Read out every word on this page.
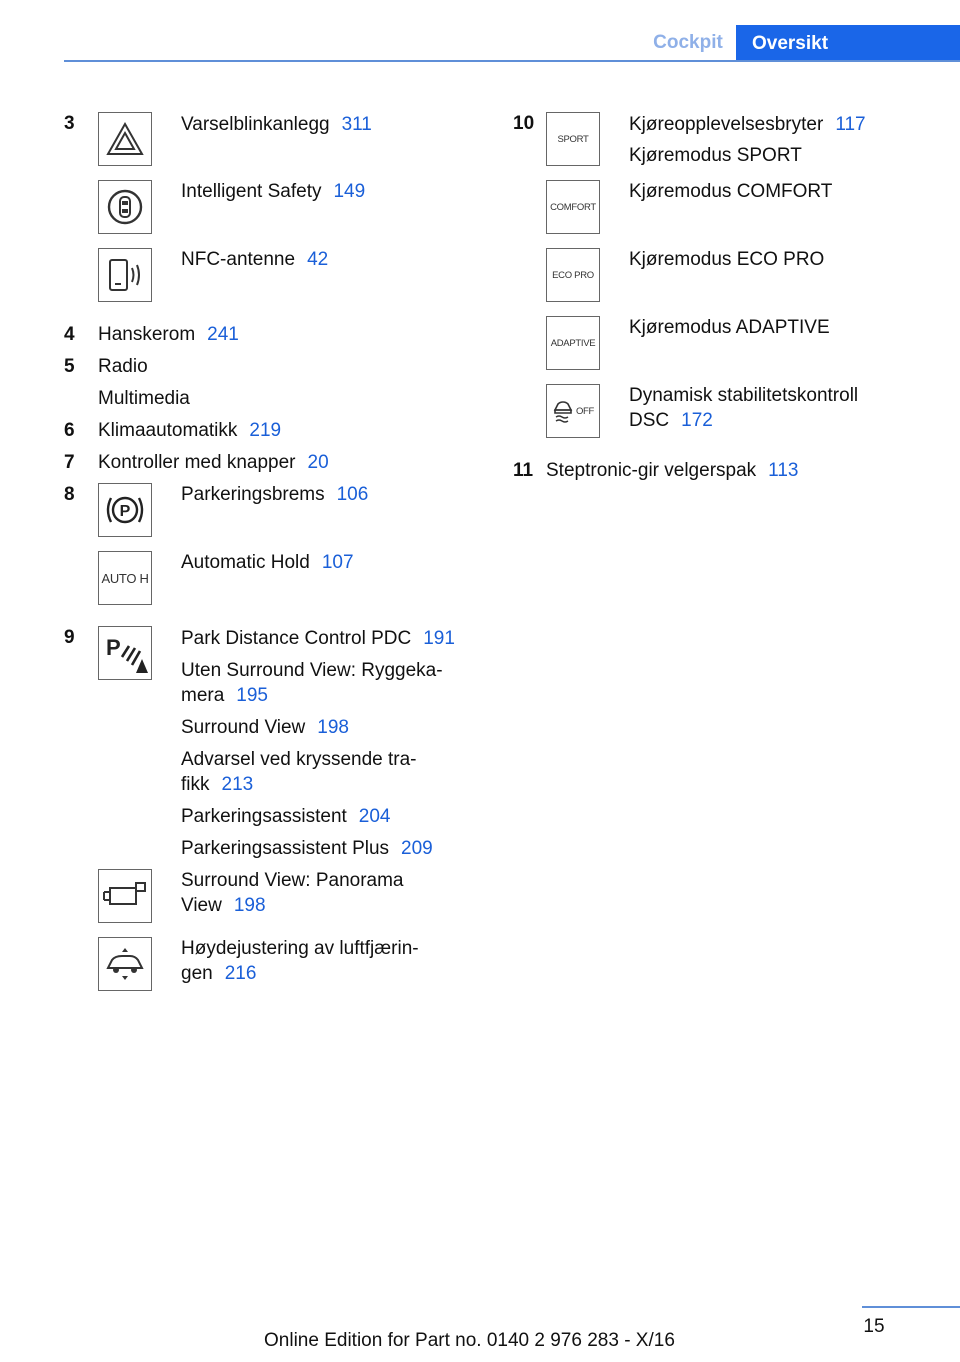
Cockpit	Oversikt
3	Varselblinkanlegg 311
Intelligent Safety 149
NFC-antenne 42
4 Hanskerom 241
5 Radio
Multimedia
6 Klimaautomatikk 219
7 Kontroller med knapper 20
8
P
Parkeringsbrems 106
AUTO H
Automatic Hold 107
9 P	Park Distance Control PDC 191
Uten Surround View: Ryggeka-
mera 195
Surround View 198
Advarsel ved kryssende tra-
fikk 213
Parkeringsassistent 204
Parkeringsassistent Plus 209
Surround View: Panorama
View 198
Høydejustering av luftfjærin-
gen 216
10
SPORT
Kjøreopplevelsesbryter 117
Kjøremodus SPORT
COMFORT
Kjøremodus COMFORT
ECO PRO
Kjøremodus ECO PRO
ADAPTIVE
Kjøremodus ADAPTIVE
OFF
Dynamisk stabilitetskontroll
DSC 172
11 Steptronic-gir velgerspak 113
15
Online Edition for Part no. 0140 2 976 283 - X/16
